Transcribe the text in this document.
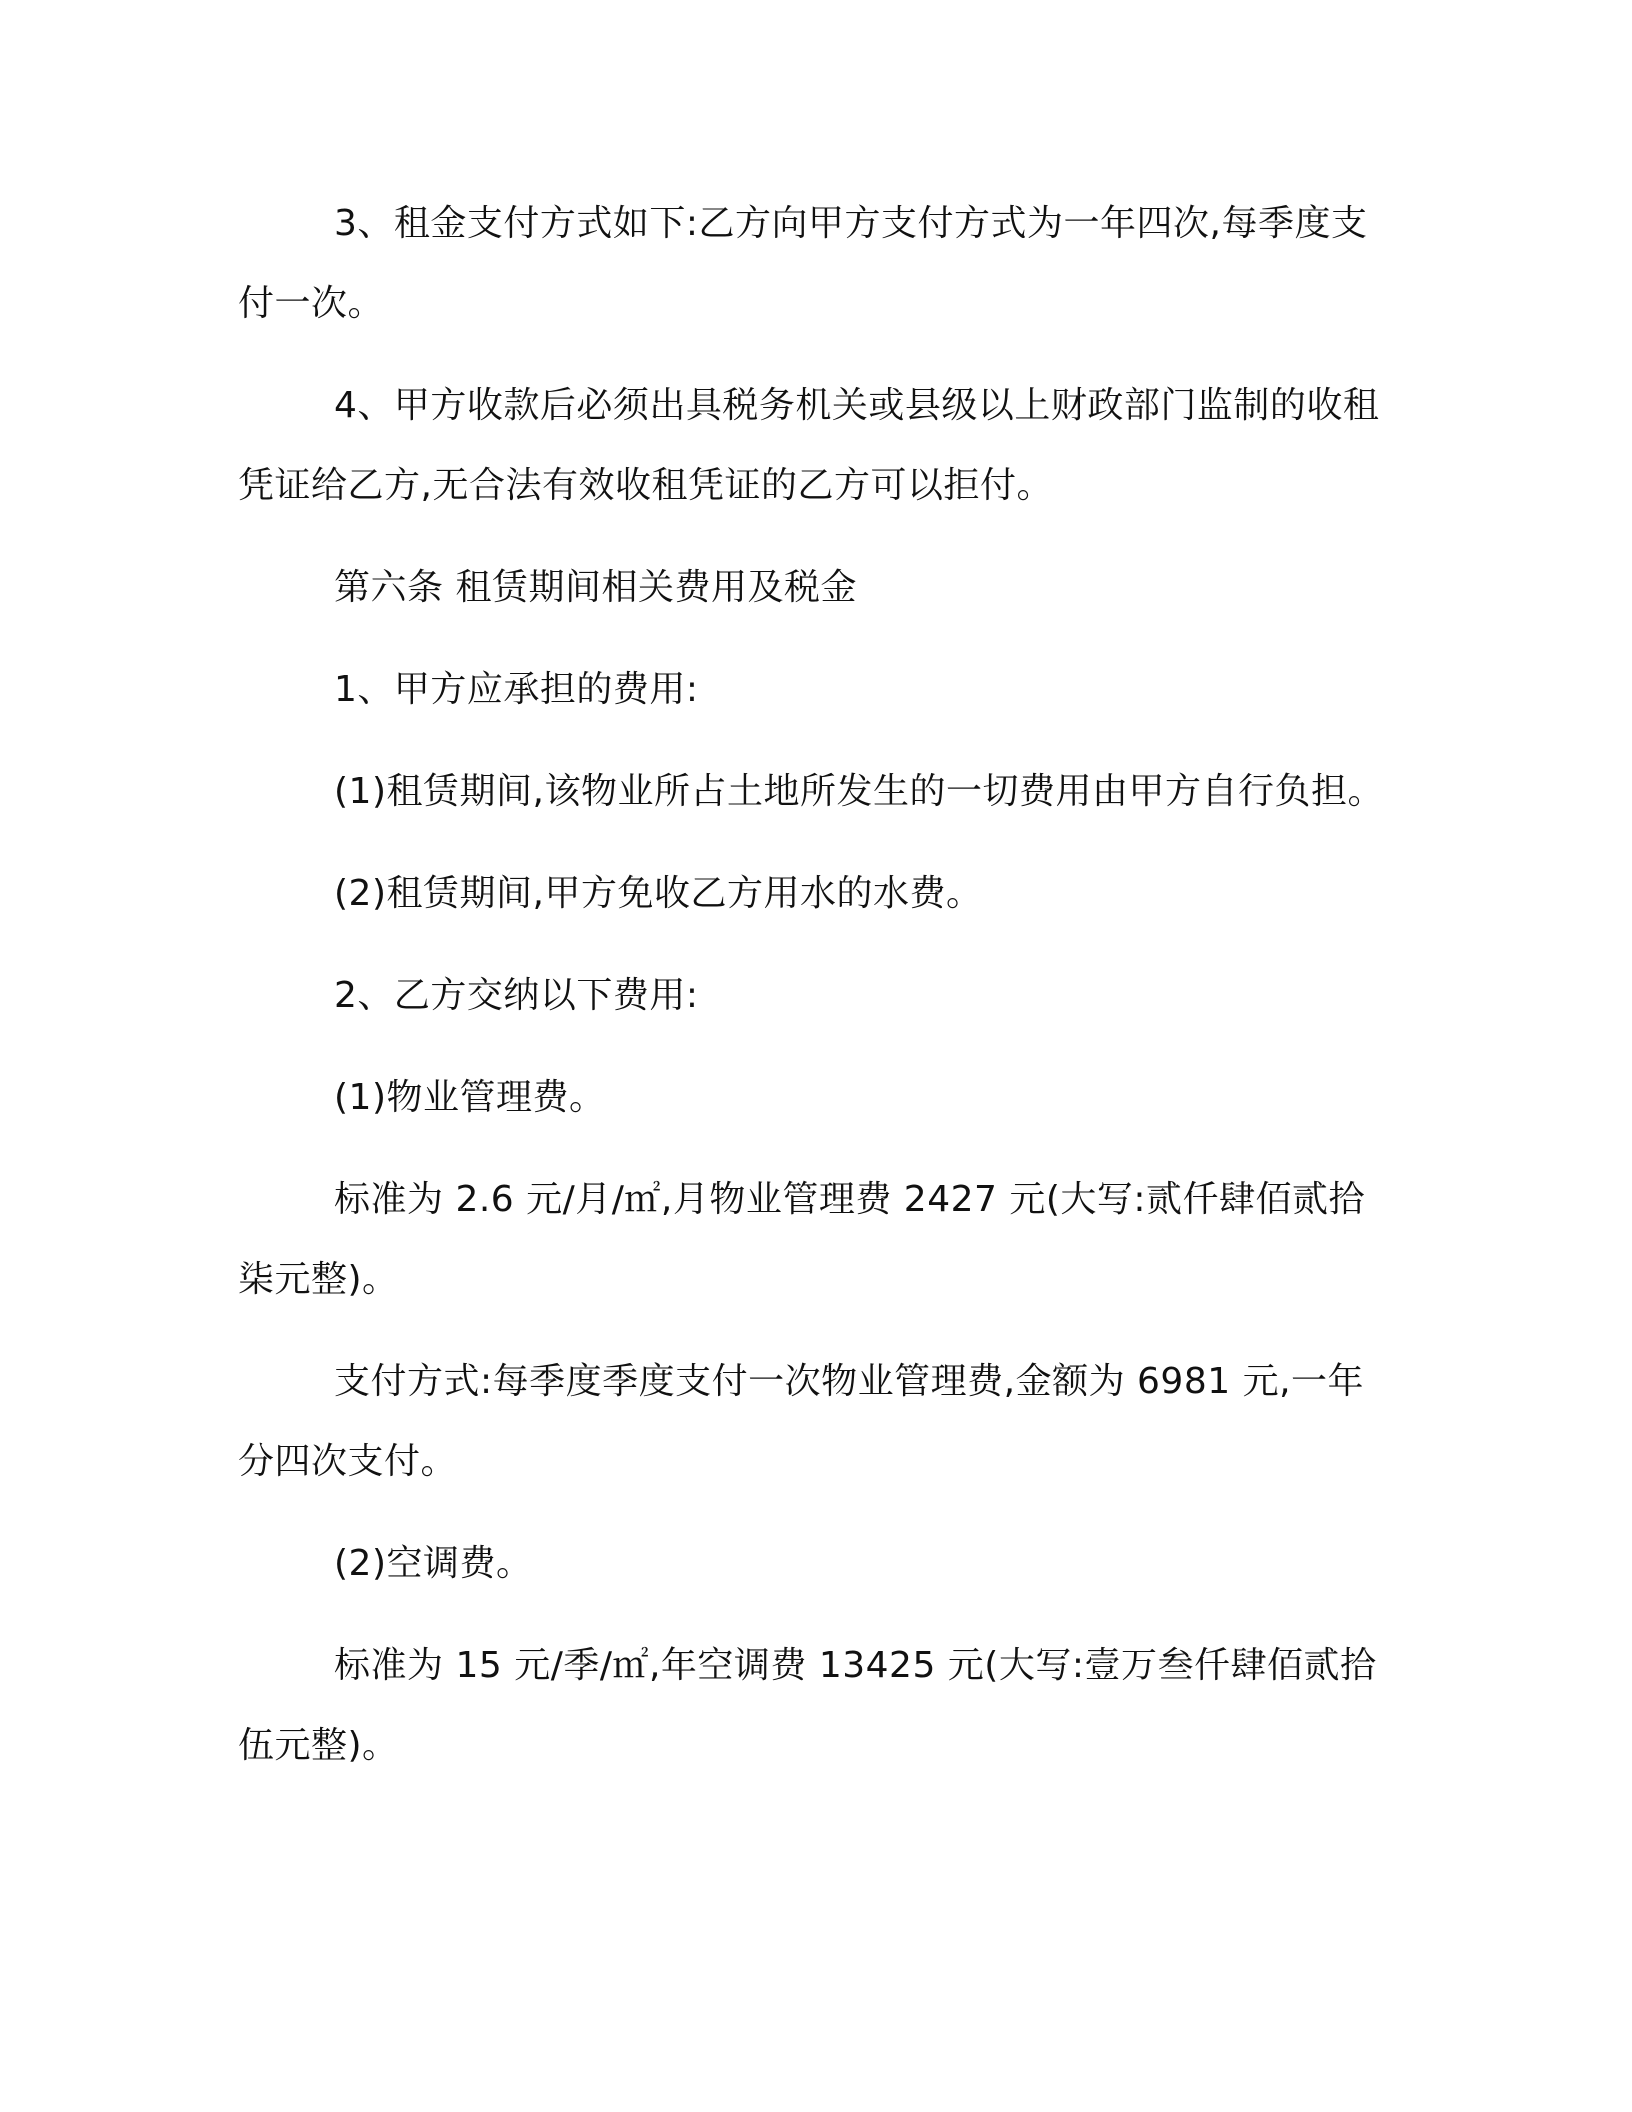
3、租金支付方式如下:乙方向甲方支付方式为一年四次,每季度支付一次。

4、甲方收款后必须出具税务机关或县级以上财政部门监制的收租凭证给乙方,无合法有效收租凭证的乙方可以拒付。

第六条 租赁期间相关费用及税金

1、甲方应承担的费用:

(1)租赁期间,该物业所占土地所发生的一切费用由甲方自行负担。

(2)租赁期间,甲方免收乙方用水的水费。

2、乙方交纳以下费用:

(1)物业管理费。

标准为 2.6 元/月/㎡,月物业管理费 2427 元(大写:贰仟肆佰贰拾柒元整)。

支付方式:每季度季度支付一次物业管理费,金额为 6981 元,一年分四次支付。

(2)空调费。

标准为 15 元/季/㎡,年空调费 13425 元(大写:壹万叁仟肆佰贰拾伍元整)。
